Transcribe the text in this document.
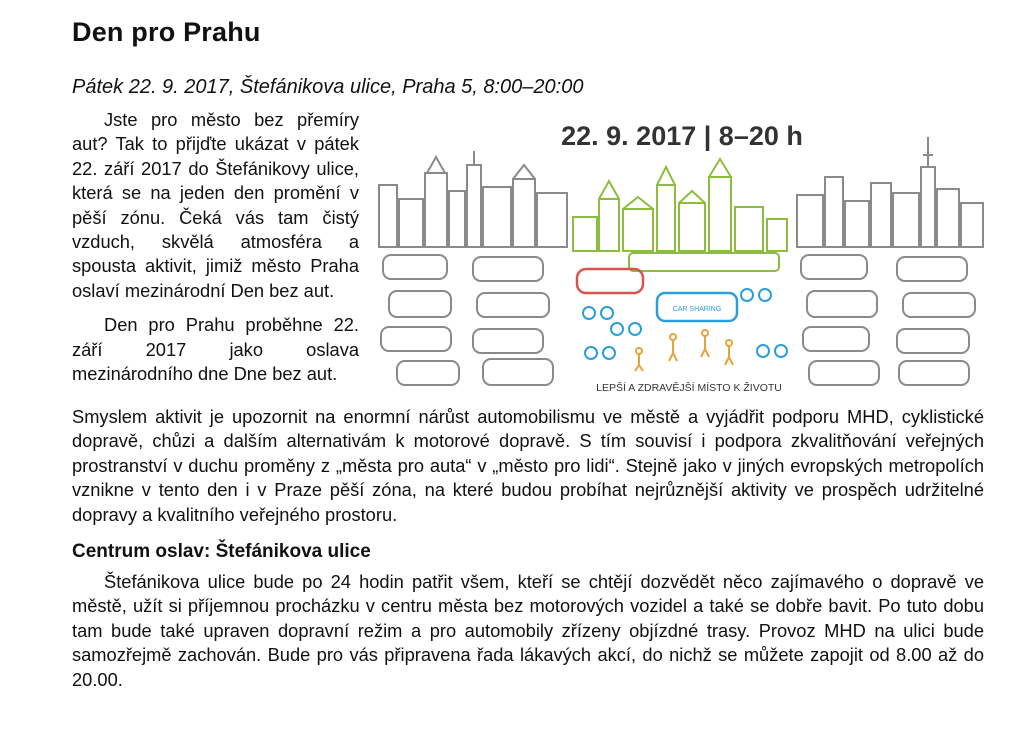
Den pro Prahu
Pátek 22. 9. 2017, Štefánikova ulice, Praha 5, 8:00–20:00

Jste pro město bez přemíry aut? Tak to přijďte ukázat v pátek 22. září 2017 do Štefánikovy ulice, která se na jeden den promění v pěší zónu. Čeká vás tam čistý vzduch, skvělá atmosféra a spousta aktivit, jimiž město Praha oslaví mezinárodní Den bez aut.

Den pro Prahu proběhne 22. září 2017 jako oslava mezinárodního dne Dne bez aut.

Smyslem aktivit je upozornit na enormní nárůst automobilismu ve městě a vyjádřit podporu MHD, cyklistické dopravě, chůzi a dalším alternativám k motorové dopravě. S tím souvisí i podpora zkvalitňování veřejných prostranství v duchu proměny z „města pro auta“ v „město pro lidi“. Stejně jako v jiných evropských metropolích vznikne v tento den i v Praze pěší zóna, na které budou probíhat nejrůznější aktivity ve prospěch udržitelné dopravy a kvalitního veřejného prostoru.

Centrum oslav: Štefánikova ulice

Štefánikova ulice bude po 24 hodin patřit všem, kteří se chtějí dozvědět něco zajímavého o dopravě ve městě, užít si příjemnou procházku v centru města bez motorových vozidel a také se dobře bavit. Po tuto dobu tam bude také upraven dopravní režim a pro automobily zřízeny objízdné trasy. Provoz MHD na ulici bude samozřejmě zachován. Bude pro vás připravena řada lákavých akcí, do nichž se můžete zapojit od 8.00 až do 20.00.

22. 9. 2017 | 8–20 h
CAR SHARING
LEPŠÍ A ZDRAVĚJŠÍ MÍSTO K ŽIVOTU
